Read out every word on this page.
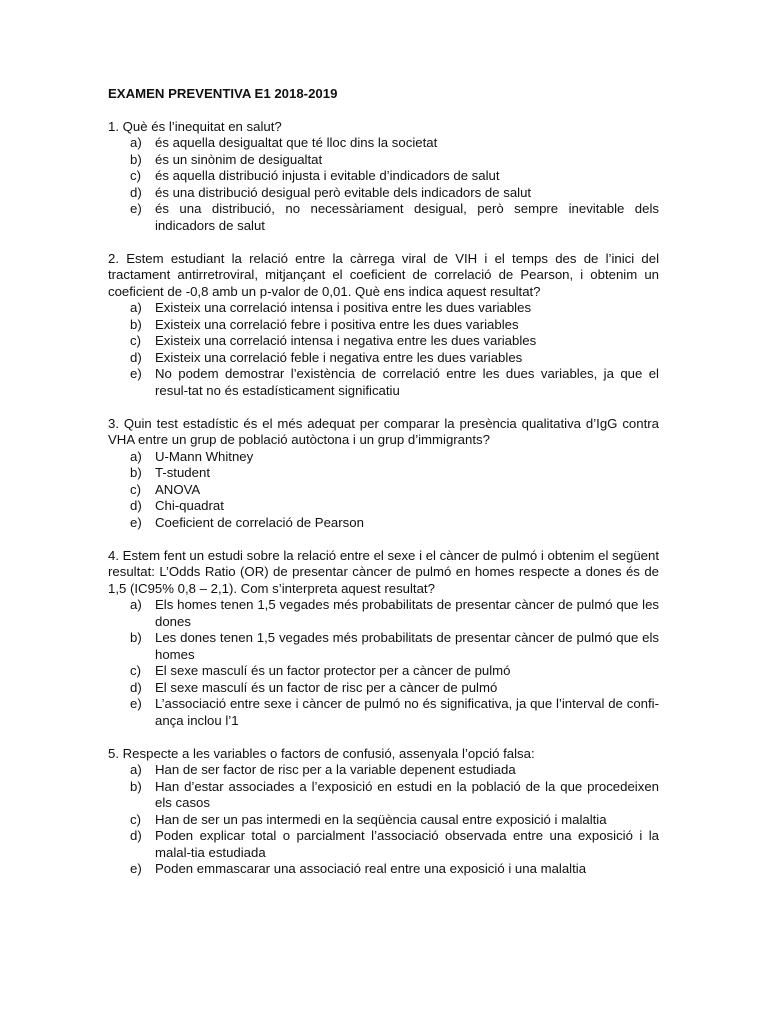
EXAMEN PREVENTIVA E1 2018-2019

1. Què és l’inequitat en salut?

a)	és aquella desigualtat que té lloc dins la societat
b)	és un sinònim de desigualtat
c)	és aquella distribució injusta i evitable d’indicadors de salut
d)	és una distribució desigual però evitable dels indicadors de salut
e)	és una distribució, no necessàriament desigual, però sempre inevitable dels indicadors de salut

2. Estem estudiant la relació entre la càrrega viral de VIH i el temps des de l’inici del tractament antirretroviral, mitjançant el coeficient de correlació de Pearson, i obtenim un coeficient de -0,8 amb un p-valor de 0,01. Què ens indica aquest resultat?

a)	Existeix una correlació intensa i positiva entre les dues variables
b)	Existeix una correlació febre i positiva entre les dues variables
c)	Existeix una correlació intensa i negativa entre les dues variables
d)	Existeix una correlació feble i negativa entre les dues variables
e)	No podem demostrar l’existència de correlació entre les dues variables, ja que el resul-tat no és estadísticament significatiu

3. Quin test estadístic és el més adequat per comparar la presència qualitativa d’IgG contra VHA entre un grup de població autòctona i un grup d’immigrants?

a)	U-Mann Whitney
b)	T-student
c)	ANOVA
d)	Chi-quadrat
e)	Coeficient de correlació de Pearson

4. Estem fent un estudi sobre la relació entre el sexe i el càncer de pulmó i obtenim el següent resultat: L’Odds Ratio (OR) de presentar càncer de pulmó en homes respecte a dones és de 1,5 (IC95% 0,8 – 2,1). Com s’interpreta aquest resultat?

a)	Els homes tenen 1,5 vegades més probabilitats de presentar càncer de pulmó que les dones
b)	Les dones tenen 1,5 vegades més probabilitats de presentar càncer de pulmó que els homes
c)	El sexe masculí és un factor protector per a càncer de pulmó
d)	El sexe masculí és un factor de risc per a càncer de pulmó
e)	L’associació entre sexe i càncer de pulmó no és significativa, ja que l’interval de confi-ança inclou l’1

5. Respecte a les variables o factors de confusió, assenyala l’opció falsa:

a)	Han de ser factor de risc per a la variable depenent estudiada
b)	Han d’estar associades a l’exposició en estudi en la població de la que procedeixen els casos
c)	Han de ser un pas intermedi en la seqüència causal entre exposició i malaltia
d)	Poden explicar total o parcialment l’associació observada entre una exposició i la malal-tia estudiada
e)	Poden emmascarar una associació real entre una exposició i una malaltia
